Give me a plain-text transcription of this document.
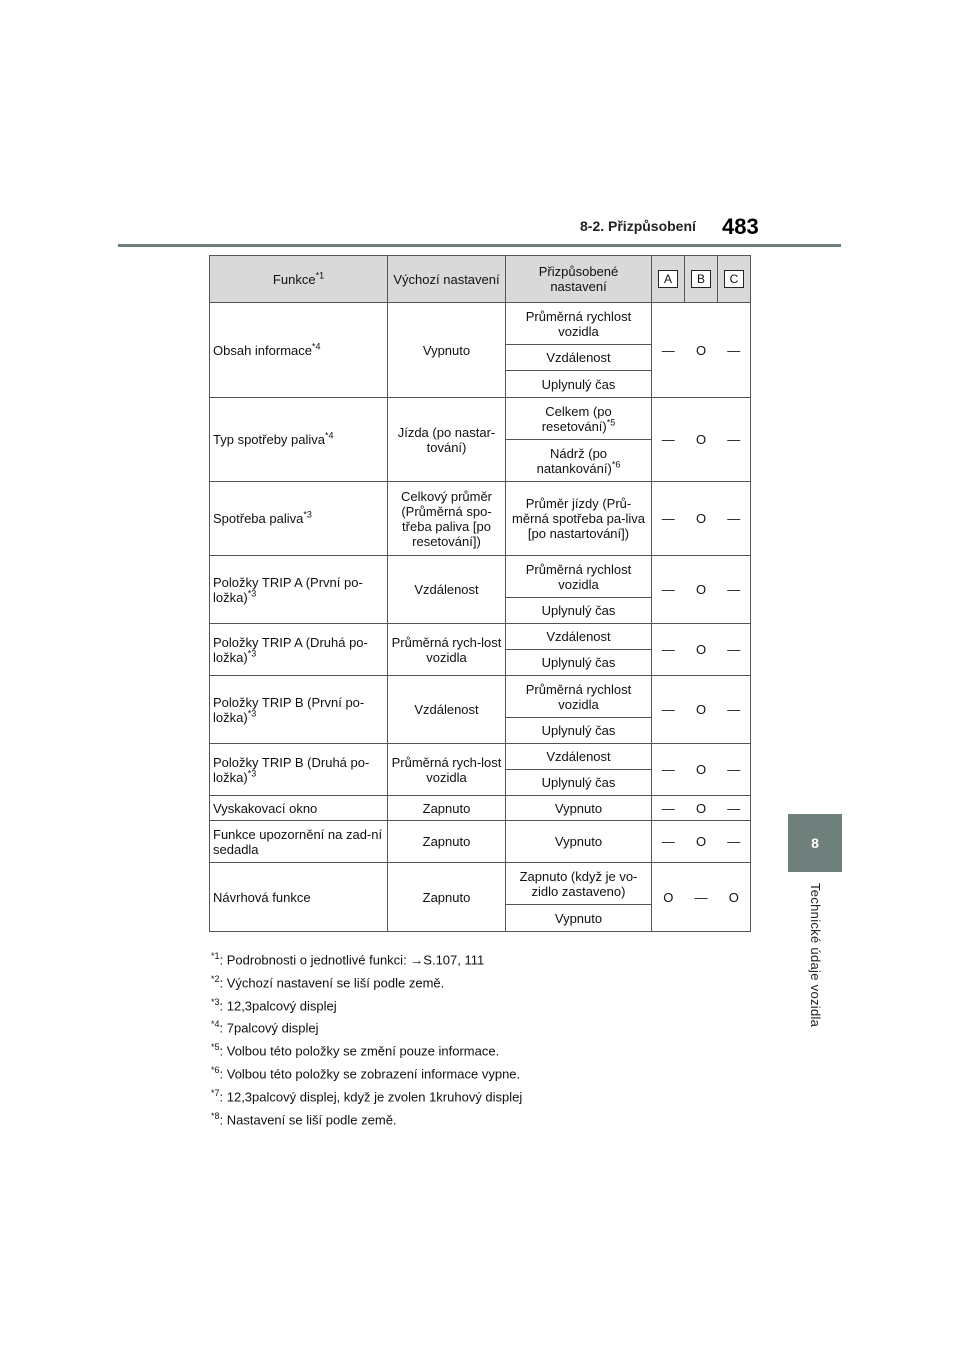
8-2. Přizpůsobení 483
8
Technické údaje vozidla
Funkce$^{*1}$	Výchozí nastavení	Přizpůsobené nastavení	A	B	C
Obsah informace$^{*4}$	Vypnuto	Průměrná rychlost vozidla	—	O	—
		Vzdálenost			
		Uplynulý čas			
Typ spotřeby paliva$^{*4}$	Jízda (po nastar-tování)	Celkem (po resetování)$^{*5}$	—	O	—
		Nádrž (po natankování)$^{*6}$
Spotřeba paliva$^{*3}$	Celkový průměr (Průměrná spo-třeba paliva [po resetování])	Průměr jízdy (Prů-měrná spotřeba pa-liva [po nastartování])	—	O	—
Položky TRIP A (První po-ložka)$^{*3}$	Vzdálenost	Průměrná rychlost vozidla	—	O	—
		Uplynulý čas			
Položky TRIP A (Druhá po-ložka)$^{*3}$	Průměrná rych-lost vozidla	Vzdálenost	—	O	—
		Uplynulý čas			
Položky TRIP B (První po-ložka)$^{*3}$	Vzdálenost	Průměrná rychlost vozidla	—	O	—
		Uplynulý čas			
Položky TRIP B (Druhá po-ložka)$^{*3}$	Průměrná rych-lost vozidla	Vzdálenost	—	O	—
		Uplynulý čas			
Vyskakovací okno	Zapnuto	Vypnuto	—	O	—
Funkce upozornění na zad-ní sedadla	Zapnuto	Vypnuto	—	O	—
Návrhová funkce	Zapnuto	Zapnuto (když je vo-zidlo zastaveno)	O	—	O
		Vypnuto			
$^{*1}$: Podrobnosti o jednotlivé funkci: →S.107, 111
$^{*2}$: Výchozí nastavení se liší podle země.
$^{*3}$: 12,3palcový displej
$^{*4}$: 7palcový displej
$^{*5}$: Volbou této položky se změní pouze informace.
$^{*6}$: Volbou této položky se zobrazení informace vypne.
$^{*7}$: 12,3palcový displej, když je zvolen 1kruhový displej
$^{*8}$: Nastavení se liší podle země.
